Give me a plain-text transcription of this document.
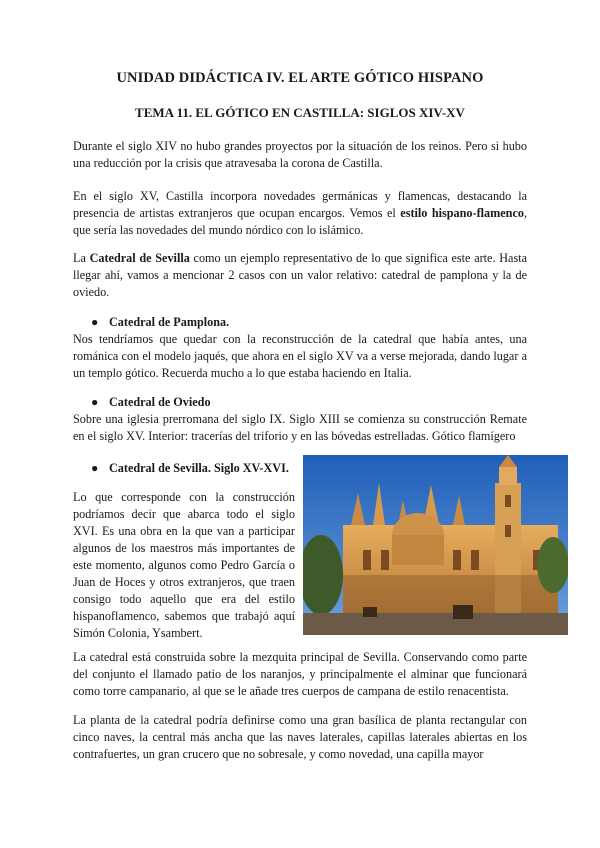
UNIDAD DIDÁCTICA IV. EL ARTE GÓTICO HISPANO
TEMA 11. EL GÓTICO EN CASTILLA: SIGLOS XIV-XV

Durante el siglo XIV no hubo grandes proyectos por la situación de los reinos. Pero si hubo una reducción por la crisis que atravesaba la corona de Castilla.

En el siglo XV, Castilla incorpora novedades germánicas y flamencas, destacando la presencia de artistas extranjeros que ocupan encargos. Vemos el estilo hispano-flamenco, que sería las novedades del mundo nórdico con lo islámico.

La Catedral de Sevilla como un ejemplo representativo de lo que significa este arte. Hasta llegar ahí, vamos a mencionar 2 casos con un valor relativo: catedral de pamplona y la de oviedo.

● Catedral de Pamplona.

Nos tendríamos que quedar con la reconstrucción de la catedral que había antes, una románica con el modelo jaqués, que ahora en el siglo XV va a verse mejorada, dando lugar a un templo gótico. Recuerda mucho a lo que estaba haciendo en Italia.

● Catedral de Oviedo

Sobre una iglesia prerromana del siglo IX. Siglo XIII se comienza su construcción Remate en el siglo XV. Interior: tracerías del triforio y en las bóvedas estrelladas. Gótico flamígero

● Catedral de Sevilla. Siglo XV-XVI.

Lo que corresponde con la construcción podríamos decir que abarca todo el siglo XVI. Es una obra en la que van a participar algunos de los maestros más importantes de este momento, algunos como Pedro García o Juan de Hoces y otros extranjeros, que traen consigo todo aquello que era del estilo hispanoflamenco, sabemos que trabajó aquí Simón Colonia, Ysambert.

La catedral está construida sobre la mezquita principal de Sevilla. Conservando como parte del conjunto el llamado patio de los naranjos, y principalmente el alminar que funcionará como torre campanario, al que se le añade tres cuerpos de campana de estilo renacentista.

La planta de la catedral podría definirse como una gran basílica de planta rectangular con cinco naves, la central más ancha que las naves laterales, capillas laterales abiertas en los contrafuertes, un gran crucero que no sobresale, y como novedad, una capilla mayor
